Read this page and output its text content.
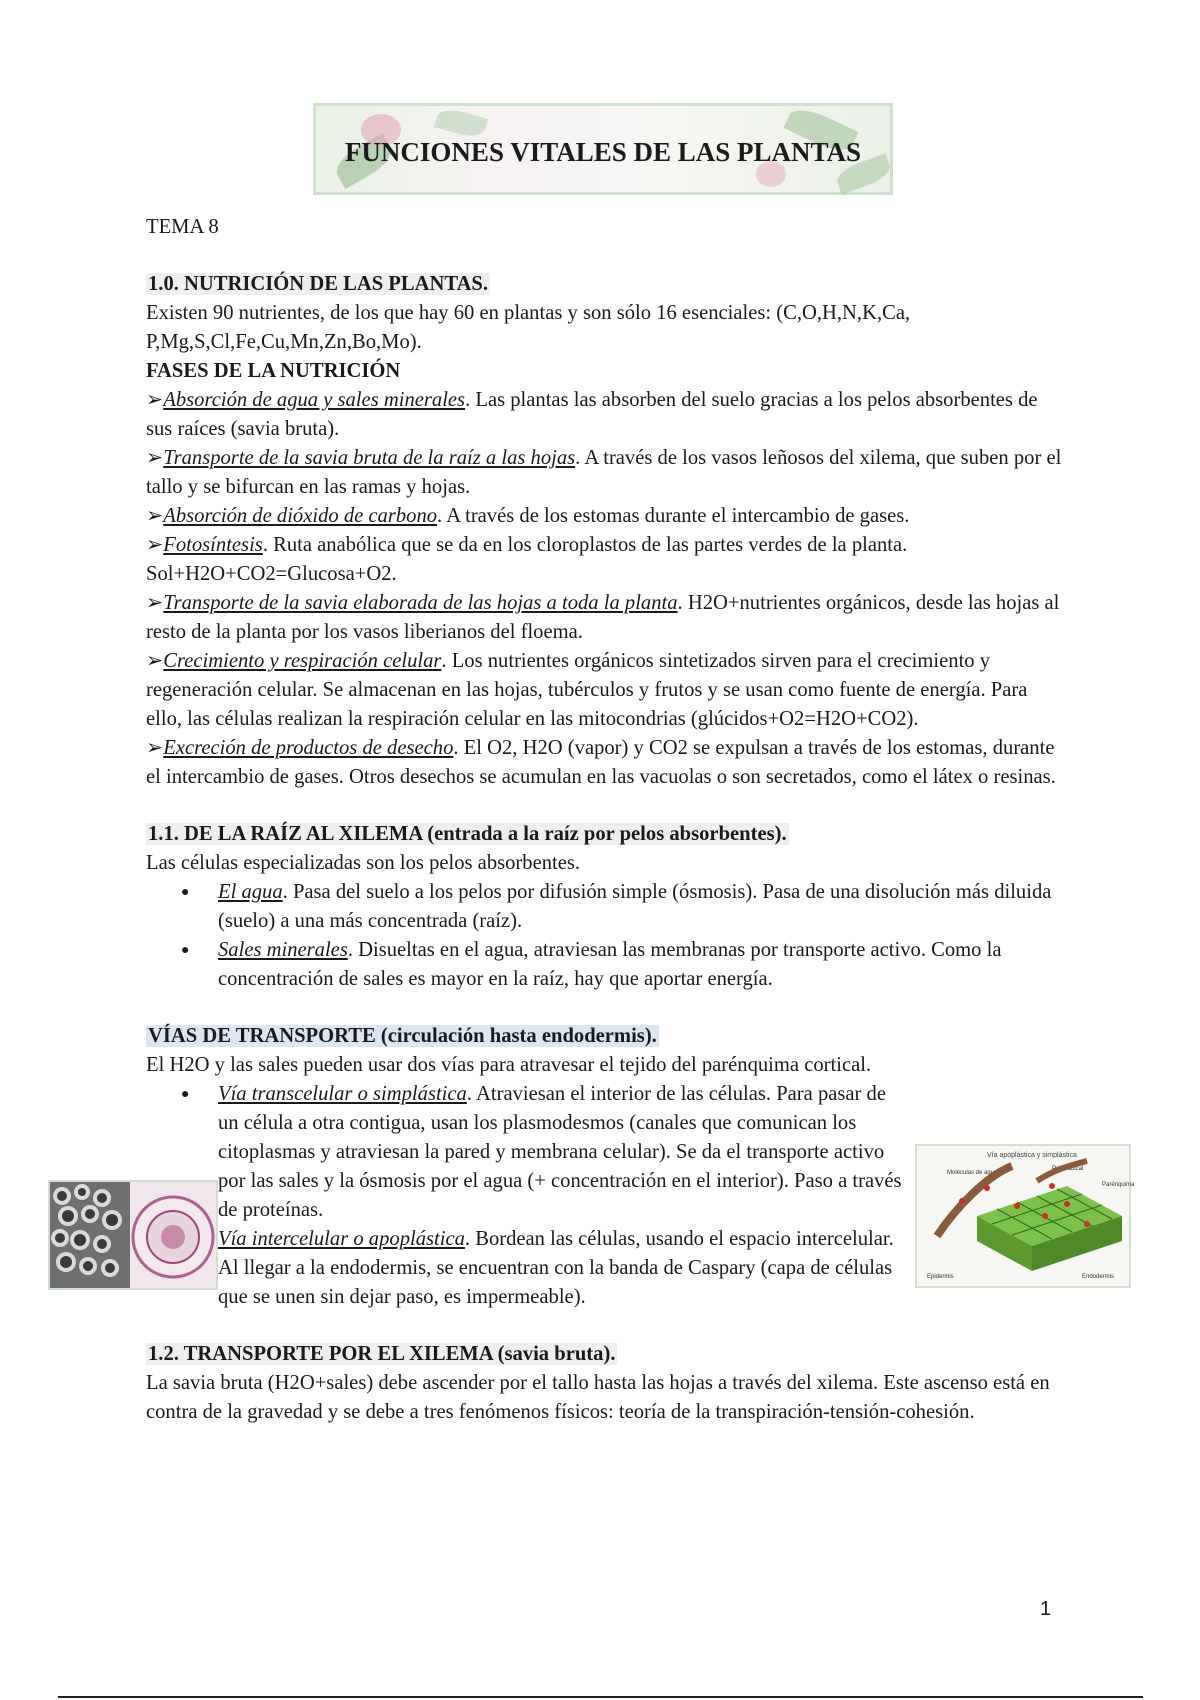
FUNCIONES VITALES DE LAS PLANTAS

TEMA 8

1.0. NUTRICIÓN DE LAS PLANTAS.

Existen 90 nutrientes, de los que hay 60 en plantas y son sólo 16 esenciales: (C,O,H,N,K,Ca,

P,Mg,S,Cl,Fe,Cu,Mn,Zn,Bo,Mo).

FASES DE LA NUTRICIÓN

➢Absorción de agua y sales minerales. Las plantas las absorben del suelo gracias a los pelos absorbentes de sus raíces (savia bruta).

➢Transporte de la savia bruta de la raíz a las hojas. A través de los vasos leñosos del xilema, que suben por el tallo y se bifurcan en las ramas y hojas.

➢Absorción de dióxido de carbono. A través de los estomas durante el intercambio de gases.

➢Fotosíntesis. Ruta anabólica que se da en los cloroplastos de las partes verdes de la planta. Sol+H2O+CO2=Glucosa+O2.

➢Transporte de la savia elaborada de las hojas a toda la planta. H2O+nutrientes orgánicos, desde las hojas al resto de la planta por los vasos liberianos del floema.

➢Crecimiento y respiración celular. Los nutrientes orgánicos sintetizados sirven para el crecimiento y regeneración celular. Se almacenan en las hojas, tubérculos y frutos y se usan como fuente de energía. Para ello, las células realizan la respiración celular en las mitocondrias (glúcidos+O2=H2O+CO2).

➢Excreción de productos de desecho. El O2, H2O (vapor) y CO2 se expulsan a través de los estomas, durante el intercambio de gases. Otros desechos se acumulan en las vacuolas o son secretados, como el látex o resinas.

1.1. DE LA RAÍZ AL XILEMA (entrada a la raíz por pelos absorbentes).

Las células especializadas son los pelos absorbentes.

● El agua. Pasa del suelo a los pelos por difusión simple (ósmosis). Pasa de una disolución más diluida (suelo) a una más concentrada (raíz).

● Sales minerales. Disueltas en el agua, atraviesan las membranas por transporte activo. Como la concentración de sales es mayor en la raíz, hay que aportar energía.

VÍAS DE TRANSPORTE (circulación hasta endodermis).

El H2O y las sales pueden usar dos vías para atravesar el tejido del parénquima cortical.

● Vía transcelular o simplástica. Atraviesan el interior de las células. Para pasar de un célula a otra contigua, usan los plasmodesmos (canales que comunican los citoplasmas y atraviesan la pared y membrana celular). Se da el transporte activo por las sales y la ósmosis por el agua (+ concentración en el interior). Paso a través de proteínas.

Vía intercelular o apoplástica. Bordean las células, usando el espacio intercelular. Al llegar a la endodermis, se encuentran con la banda de Caspary (capa de células que se unen sin dejar paso, es impermeable).

1.2. TRANSPORTE POR EL XILEMA (savia bruta).

La savia bruta (H2O+sales) debe ascender por el tallo hasta las hojas a través del xilema. Este ascenso está en contra de la gravedad y se debe a tres fenómenos físicos: teoría de la transpiración-tensión-cohesión.

Vía apoplástica y simplástica
Moléculas de agua
Pelo radical
Endodermis
Epidermis
Parénquima
1
